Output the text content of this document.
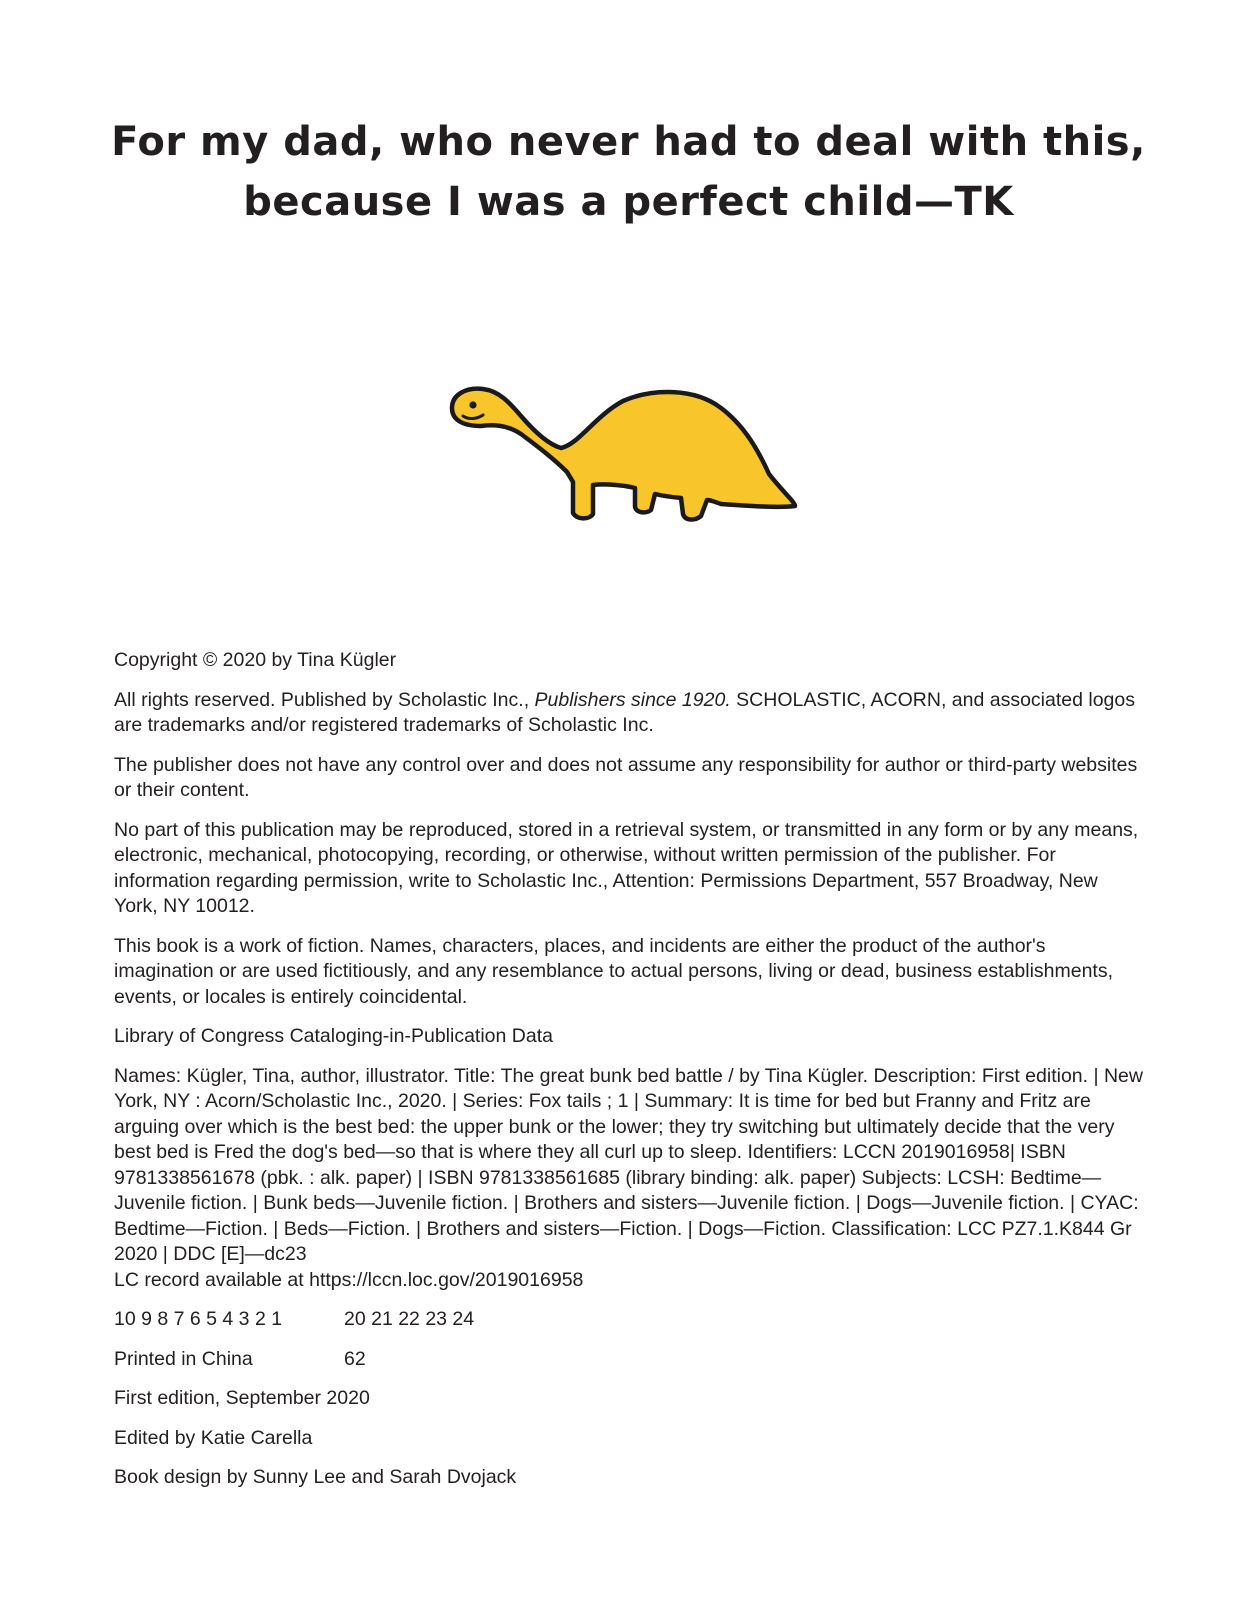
For my dad, who never had to deal with this,
because I was a perfect child—TK

Copyright © 2020 by Tina Kügler

All rights reserved. Published by Scholastic Inc., Publishers since 1920. SCHOLASTIC, ACORN, and associated logos are trademarks and/or registered trademarks of Scholastic Inc.

The publisher does not have any control over and does not assume any responsibility for author or third-party websites or their content.

No part of this publication may be reproduced, stored in a retrieval system, or transmitted in any form or by any means, electronic, mechanical, photocopying, recording, or otherwise, without written permission of the publisher. For information regarding permission, write to Scholastic Inc., Attention: Permissions Department, 557 Broadway, New York, NY 10012.

This book is a work of fiction. Names, characters, places, and incidents are either the product of the author's imagination or are used fictitiously, and any resemblance to actual persons, living or dead, business establishments, events, or locales is entirely coincidental.

Library of Congress Cataloging-in-Publication Data

Names: Kügler, Tina, author, illustrator. Title: The great bunk bed battle / by Tina Kügler. Description: First edition. | New York, NY : Acorn/Scholastic Inc., 2020. | Series: Fox tails ; 1 | Summary: It is time for bed but Franny and Fritz are arguing over which is the best bed: the upper bunk or the lower; they try switching but ultimately decide that the very best bed is Fred the dog's bed—so that is where they all curl up to sleep. Identifiers: LCCN 2019016958| ISBN 9781338561678 (pbk. : alk. paper) | ISBN 9781338561685 (library binding: alk. paper) Subjects: LCSH: Bedtime—Juvenile fiction. | Bunk beds—Juvenile fiction. | Brothers and sisters—Juvenile fiction. | Dogs—Juvenile fiction. | CYAC: Bedtime—Fiction. | Beds—Fiction. | Brothers and sisters—Fiction. | Dogs—Fiction. Classification: LCC PZ7.1.K844 Gr 2020 | DDC [E]—dc23
LC record available at https://lccn.loc.gov/2019016958

10 9 8 7 6 5 4 3 2 1	20 21 22 23 24
Printed in China	62

First edition, September 2020

Edited by Katie Carella

Book design by Sunny Lee and Sarah Dvojack
